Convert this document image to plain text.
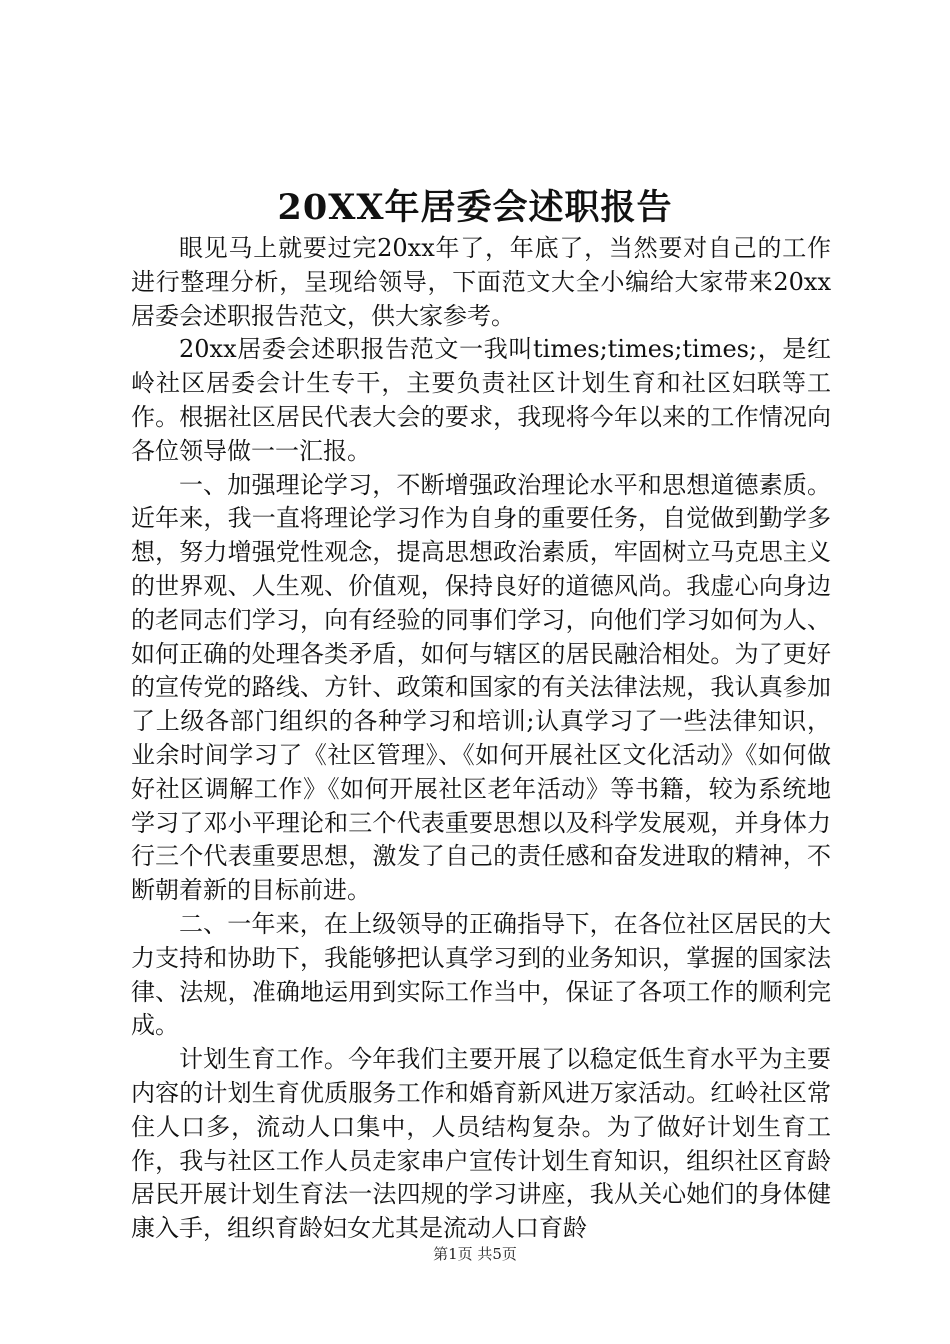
20XX年居委会述职报告

眼见马上就要过完20xx年了，年底了，当然要对自己的工作进行整理分析，呈现给领导，下面范文大全小编给大家带来20xx居委会述职报告范文，供大家参考。

20xx居委会述职报告范文一我叫times;times;times;，是红岭社区居委会计生专干，主要负责社区计划生育和社区妇联等工作。根据社区居民代表大会的要求，我现将今年以来的工作情况向各位领导做一一汇报。

一、加强理论学习，不断增强政治理论水平和思想道德素质。近年来，我一直将理论学习作为自身的重要任务，自觉做到勤学多想，努力增强党性观念，提高思想政治素质，牢固树立马克思主义的世界观、人生观、价值观，保持良好的道德风尚。我虚心向身边的老同志们学习，向有经验的同事们学习，向他们学习如何为人、如何正确的处理各类矛盾，如何与辖区的居民融洽相处。为了更好的宣传党的路线、方针、政策和国家的有关法律法规，我认真参加了上级各部门组织的各种学习和培训;认真学习了一些法律知识，业余时间学习了《社区管理》、《如何开展社区文化活动》《如何做好社区调解工作》《如何开展社区老年活动》等书籍，较为系统地学习了邓小平理论和三个代表重要思想以及科学发展观，并身体力行三个代表重要思想，激发了自己的责任感和奋发进取的精神，不断朝着新的目标前进。

二、一年来，在上级领导的正确指导下，在各位社区居民的大力支持和协助下，我能够把认真学习到的业务知识，掌握的国家法律、法规，准确地运用到实际工作当中，保证了各项工作的顺利完成。

计划生育工作。今年我们主要开展了以稳定低生育水平为主要内容的计划生育优质服务工作和婚育新风进万家活动。红岭社区常住人口多，流动人口集中，人员结构复杂。为了做好计划生育工作，我与社区工作人员走家串户宣传计划生育知识，组织社区育龄居民开展计划生育法一法四规的学习讲座，我从关心她们的身体健康入手，组织育龄妇女尤其是流动人口育龄

第1页 共5页
